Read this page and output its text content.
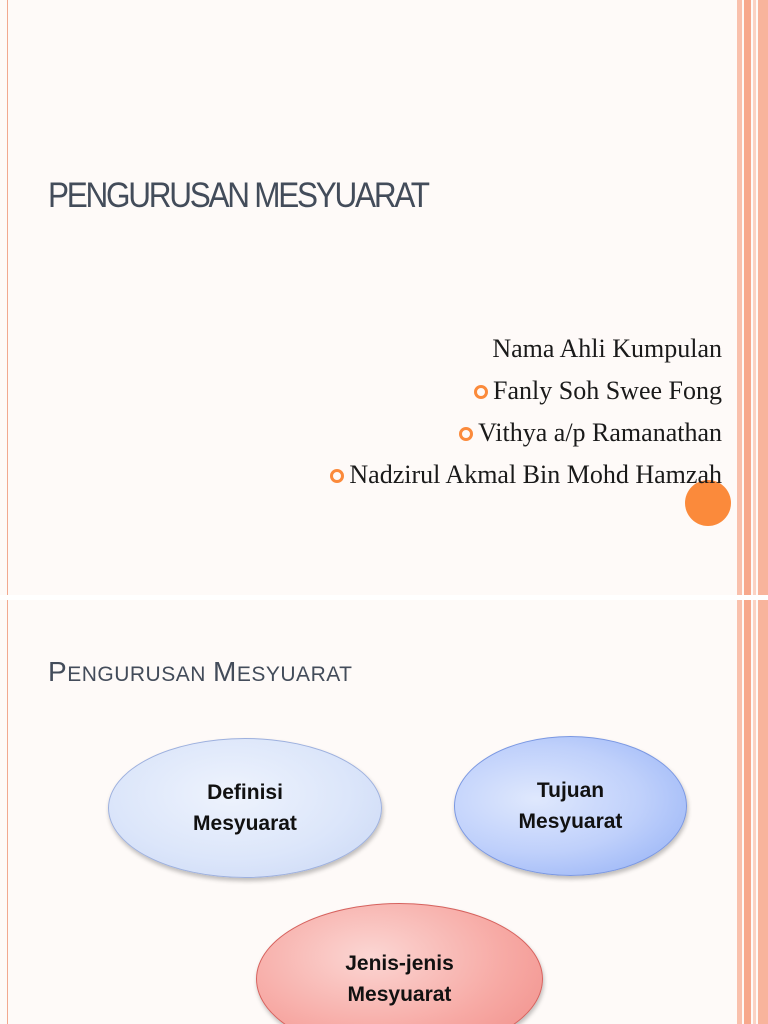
PENGURUSAN MESYUARAT
Nama Ahli Kumpulan
Fanly Soh Swee Fong
Vithya a/p Ramanathan
Nadzirul Akmal Bin Mohd Hamzah
PENGURUSAN MESYUARAT
Definisi
Mesyuarat
Tujuan
Mesyuarat
Jenis-jenis
Mesyuarat
